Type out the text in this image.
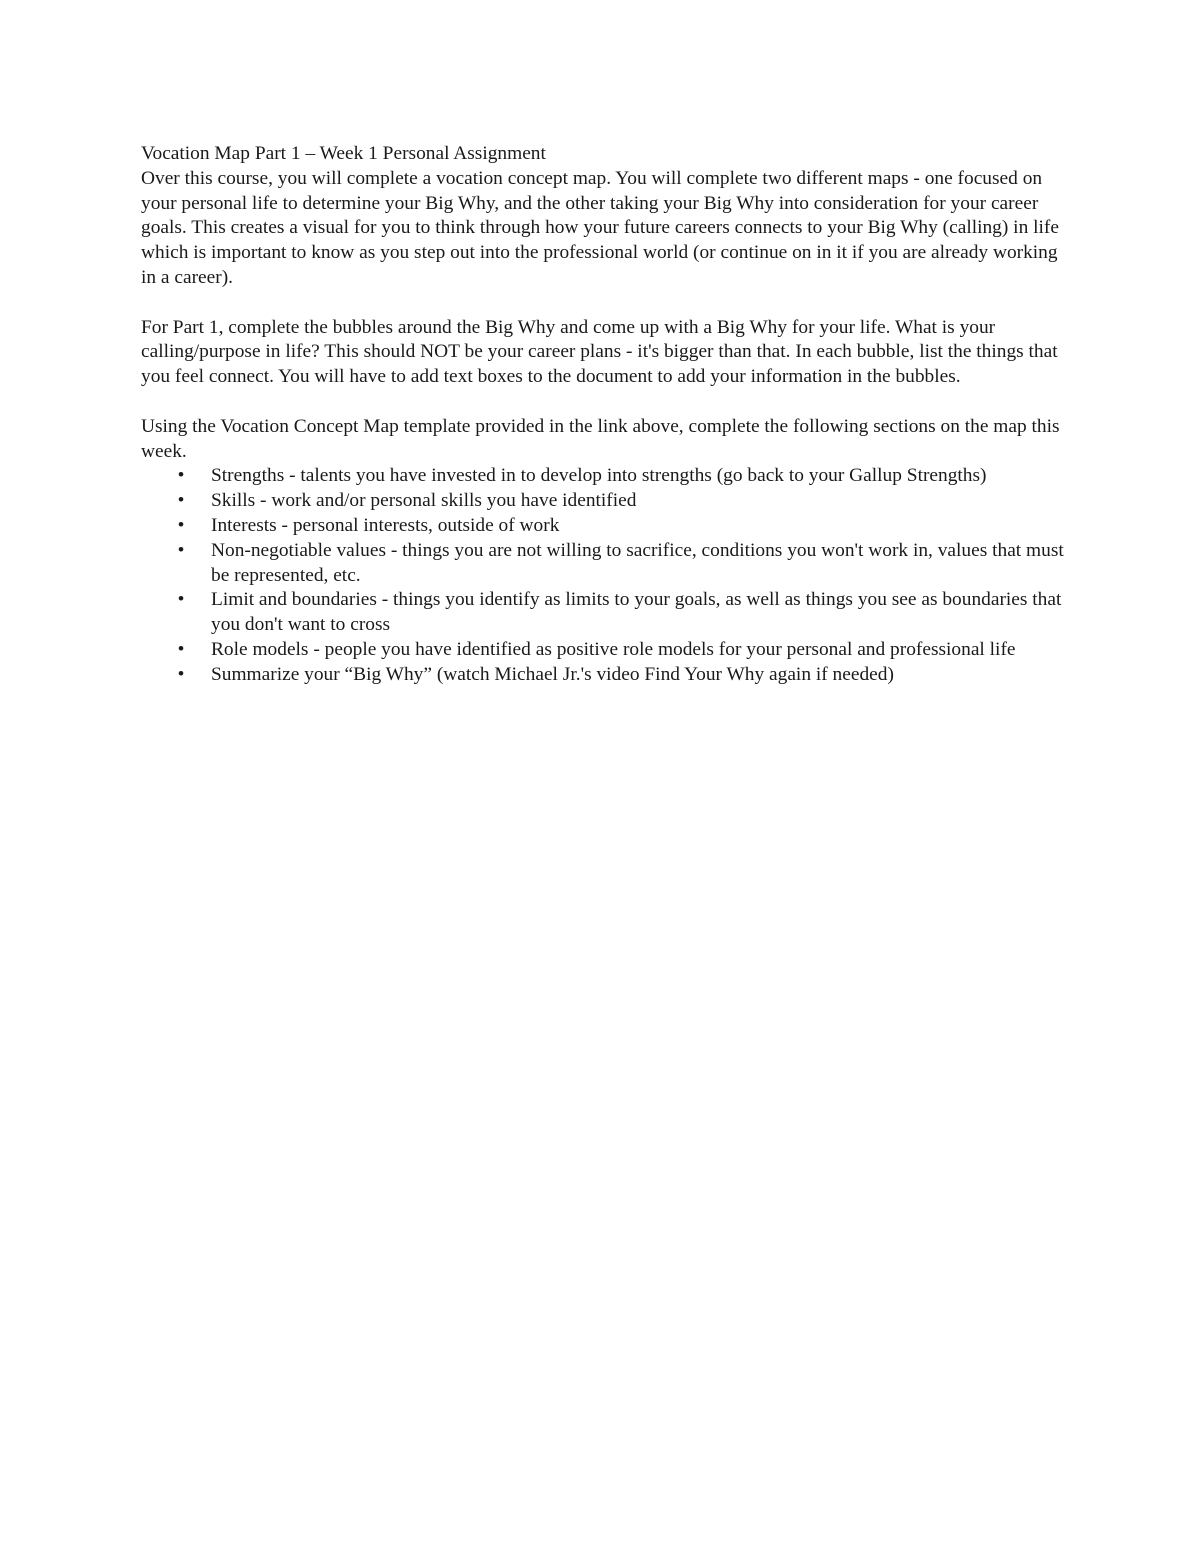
Vocation Map Part 1 – Week 1 Personal Assignment

Over this course, you will complete a vocation concept map. You will complete two different maps - one focused on your personal life to determine your Big Why, and the other taking your Big Why into consideration for your career goals. This creates a visual for you to think through how your future careers connects to your Big Why (calling) in life which is important to know as you step out into the professional world (or continue on in it if you are already working in a career).

For Part 1, complete the bubbles around the Big Why and come up with a Big Why for your life. What is your calling/purpose in life? This should NOT be your career plans - it's bigger than that. In each bubble, list the things that you feel connect. You will have to add text boxes to the document to add your information in the bubbles.

Using the Vocation Concept Map template provided in the link above, complete the following sections on the map this week.

• Strengths - talents you have invested in to develop into strengths (go back to your Gallup Strengths)
• Skills - work and/or personal skills you have identified
• Interests - personal interests, outside of work
• Non-negotiable values - things you are not willing to sacrifice, conditions you won't work in, values that must be represented, etc.
• Limit and boundaries - things you identify as limits to your goals, as well as things you see as boundaries that you don't want to cross
• Role models - people you have identified as positive role models for your personal and professional life
• Summarize your “Big Why” (watch Michael Jr.'s video Find Your Why again if needed)
